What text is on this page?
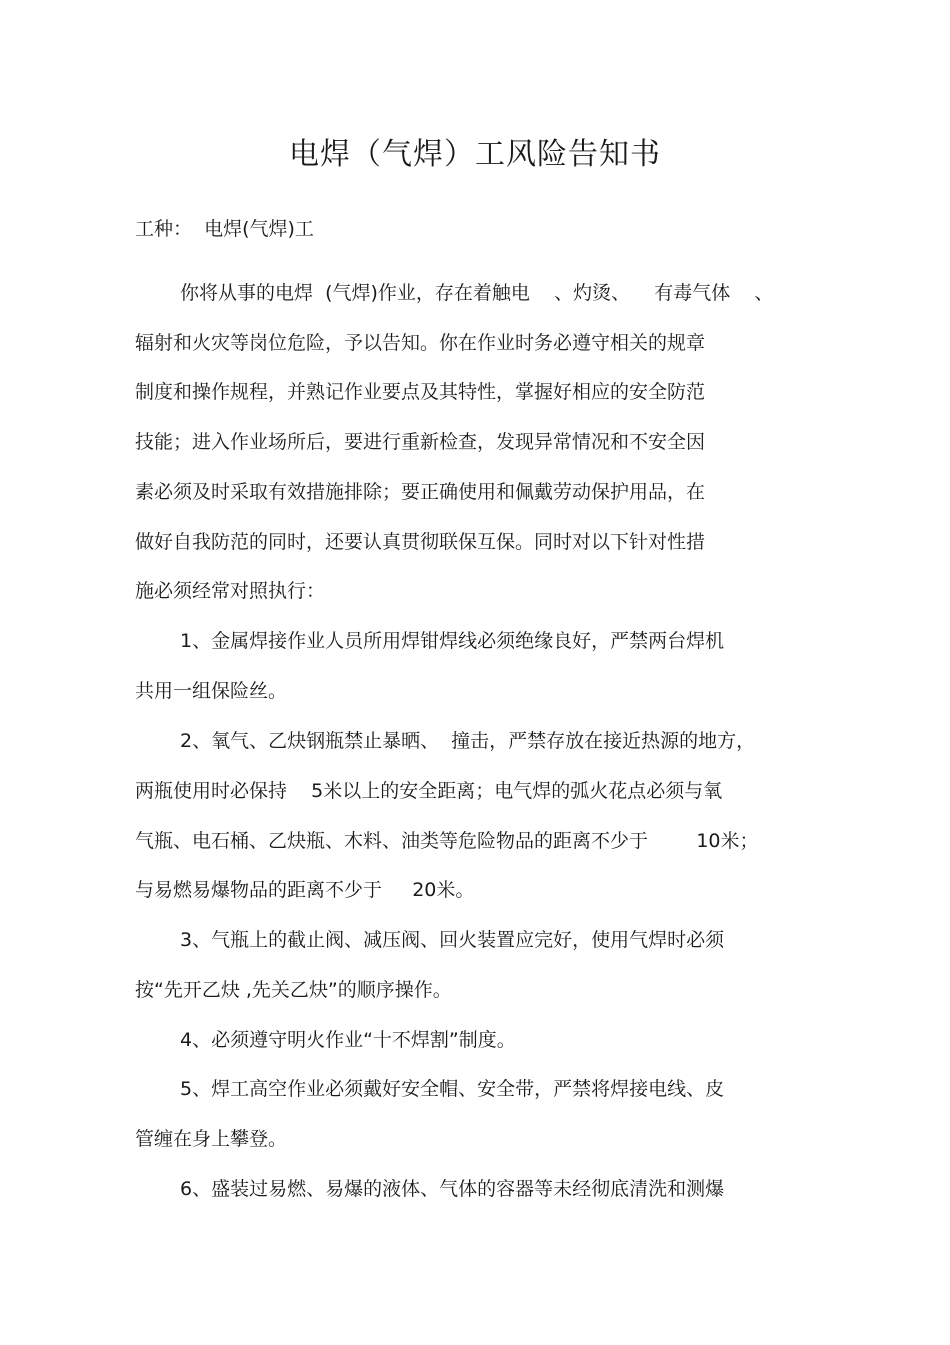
电焊（气焊）工风险告知书
工种：  电焊(气焊)工
你将从事的电焊  (气焊)作业，存在着触电    、灼烫、    有毒气体    、
辐射和火灾等岗位危险，予以告知。你在作业时务必遵守相关的规章
制度和操作规程，并熟记作业要点及其特性，掌握好相应的安全防范
技能；进入作业场所后，要进行重新检查，发现异常情况和不安全因
素必须及时采取有效措施排除；要正确使用和佩戴劳动保护用品，在
做好自我防范的同时，还要认真贯彻联保互保。同时对以下针对性措
施必须经常对照执行：
1、金属焊接作业人员所用焊钳焊线必须绝缘良好，严禁两台焊机
共用一组保险丝。
2、氧气、乙炔钢瓶禁止暴晒、  撞击，严禁存放在接近热源的地方，
两瓶使用时必保持    5米以上的安全距离；电气焊的弧火花点必须与氧
气瓶、电石桶、乙炔瓶、木料、油类等危险物品的距离不少于        10米；
与易燃易爆物品的距离不少于     20米。
3、气瓶上的截止阀、减压阀、回火装置应完好，使用气焊时必须
按“先开乙炔 ,先关乙炔”的顺序操作。
4、必须遵守明火作业“十不焊割”制度。
5、焊工高空作业必须戴好安全帽、安全带，严禁将焊接电线、皮
管缠在身上攀登。
6、盛装过易燃、易爆的液体、气体的容器等未经彻底清洗和测爆
